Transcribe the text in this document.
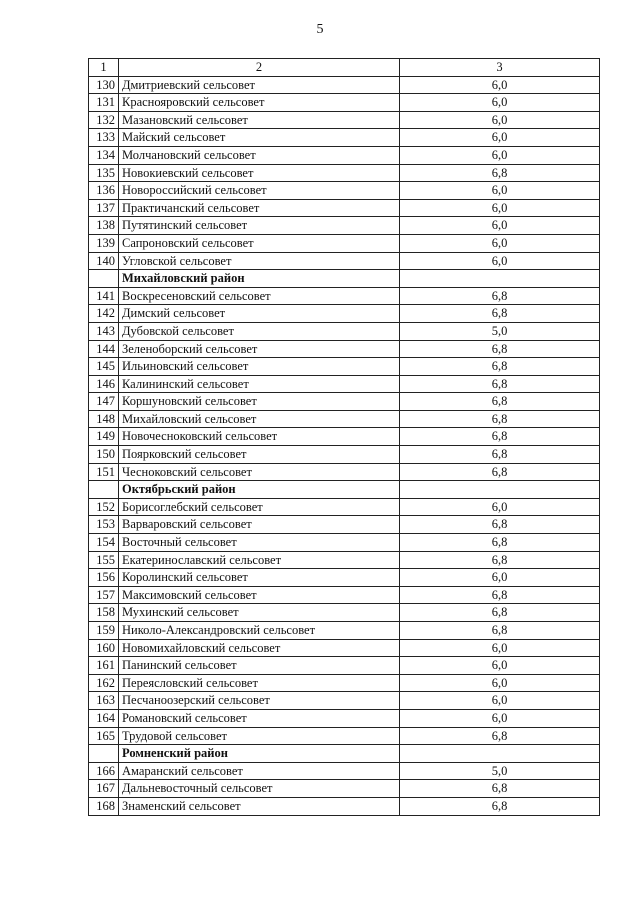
5
1	2	3
130	Дмитриевский сельсовет	6,0
131	Красноярoвский сельсовет	6,0
132	Мазановский сельсовет	6,0
133	Майский сельсовет	6,0
134	Молчановский сельсовет	6,0
135	Новокиевский сельсовет	6,8
136	Новороссийский сельсовет	6,0
137	Практичанский сельсовет	6,0
138	Путятинский сельсовет	6,0
139	Сапроновский сельсовет	6,0
140	Угловской сельсовет	6,0
	Михайловский район	
141	Воскресеновский сельсовет	6,8
142	Димский сельсовет	6,8
143	Дубовской сельсовет	5,0
144	Зеленоборский сельсовет	6,8
145	Ильиновский сельсовет	6,8
146	Калининский сельсовет	6,8
147	Коршуновский сельсовет	6,8
148	Михайловский сельсовет	6,8
149	Новочесноковский сельсовет	6,8
150	Поярковский сельсовет	6,8
151	Чесноковский сельсовет	6,8
	Октябрьский район	
152	Борисоглебский сельсовет	6,0
153	Варваровский сельсовет	6,8
154	Восточный сельсовет	6,8
155	Екатеринославский сельсовет	6,8
156	Королинский сельсовет	6,0
157	Максимовский сельсовет	6,8
158	Мухинский сельсовет	6,8
159	Николо-Александровский сельсовет	6,8
160	Новомихайловский сельсовет	6,0
161	Панинский сельсовет	6,0
162	Переясловский сельсовет	6,0
163	Песчаноозерский сельсовет	6,0
164	Романовский сельсовет	6,0
165	Трудовой сельсовет	6,8
	Ромненский район	
166	Амаранский сельсовет	5,0
167	Дальневосточный сельсовет	6,8
168	Знаменский сельсовет	6,8
